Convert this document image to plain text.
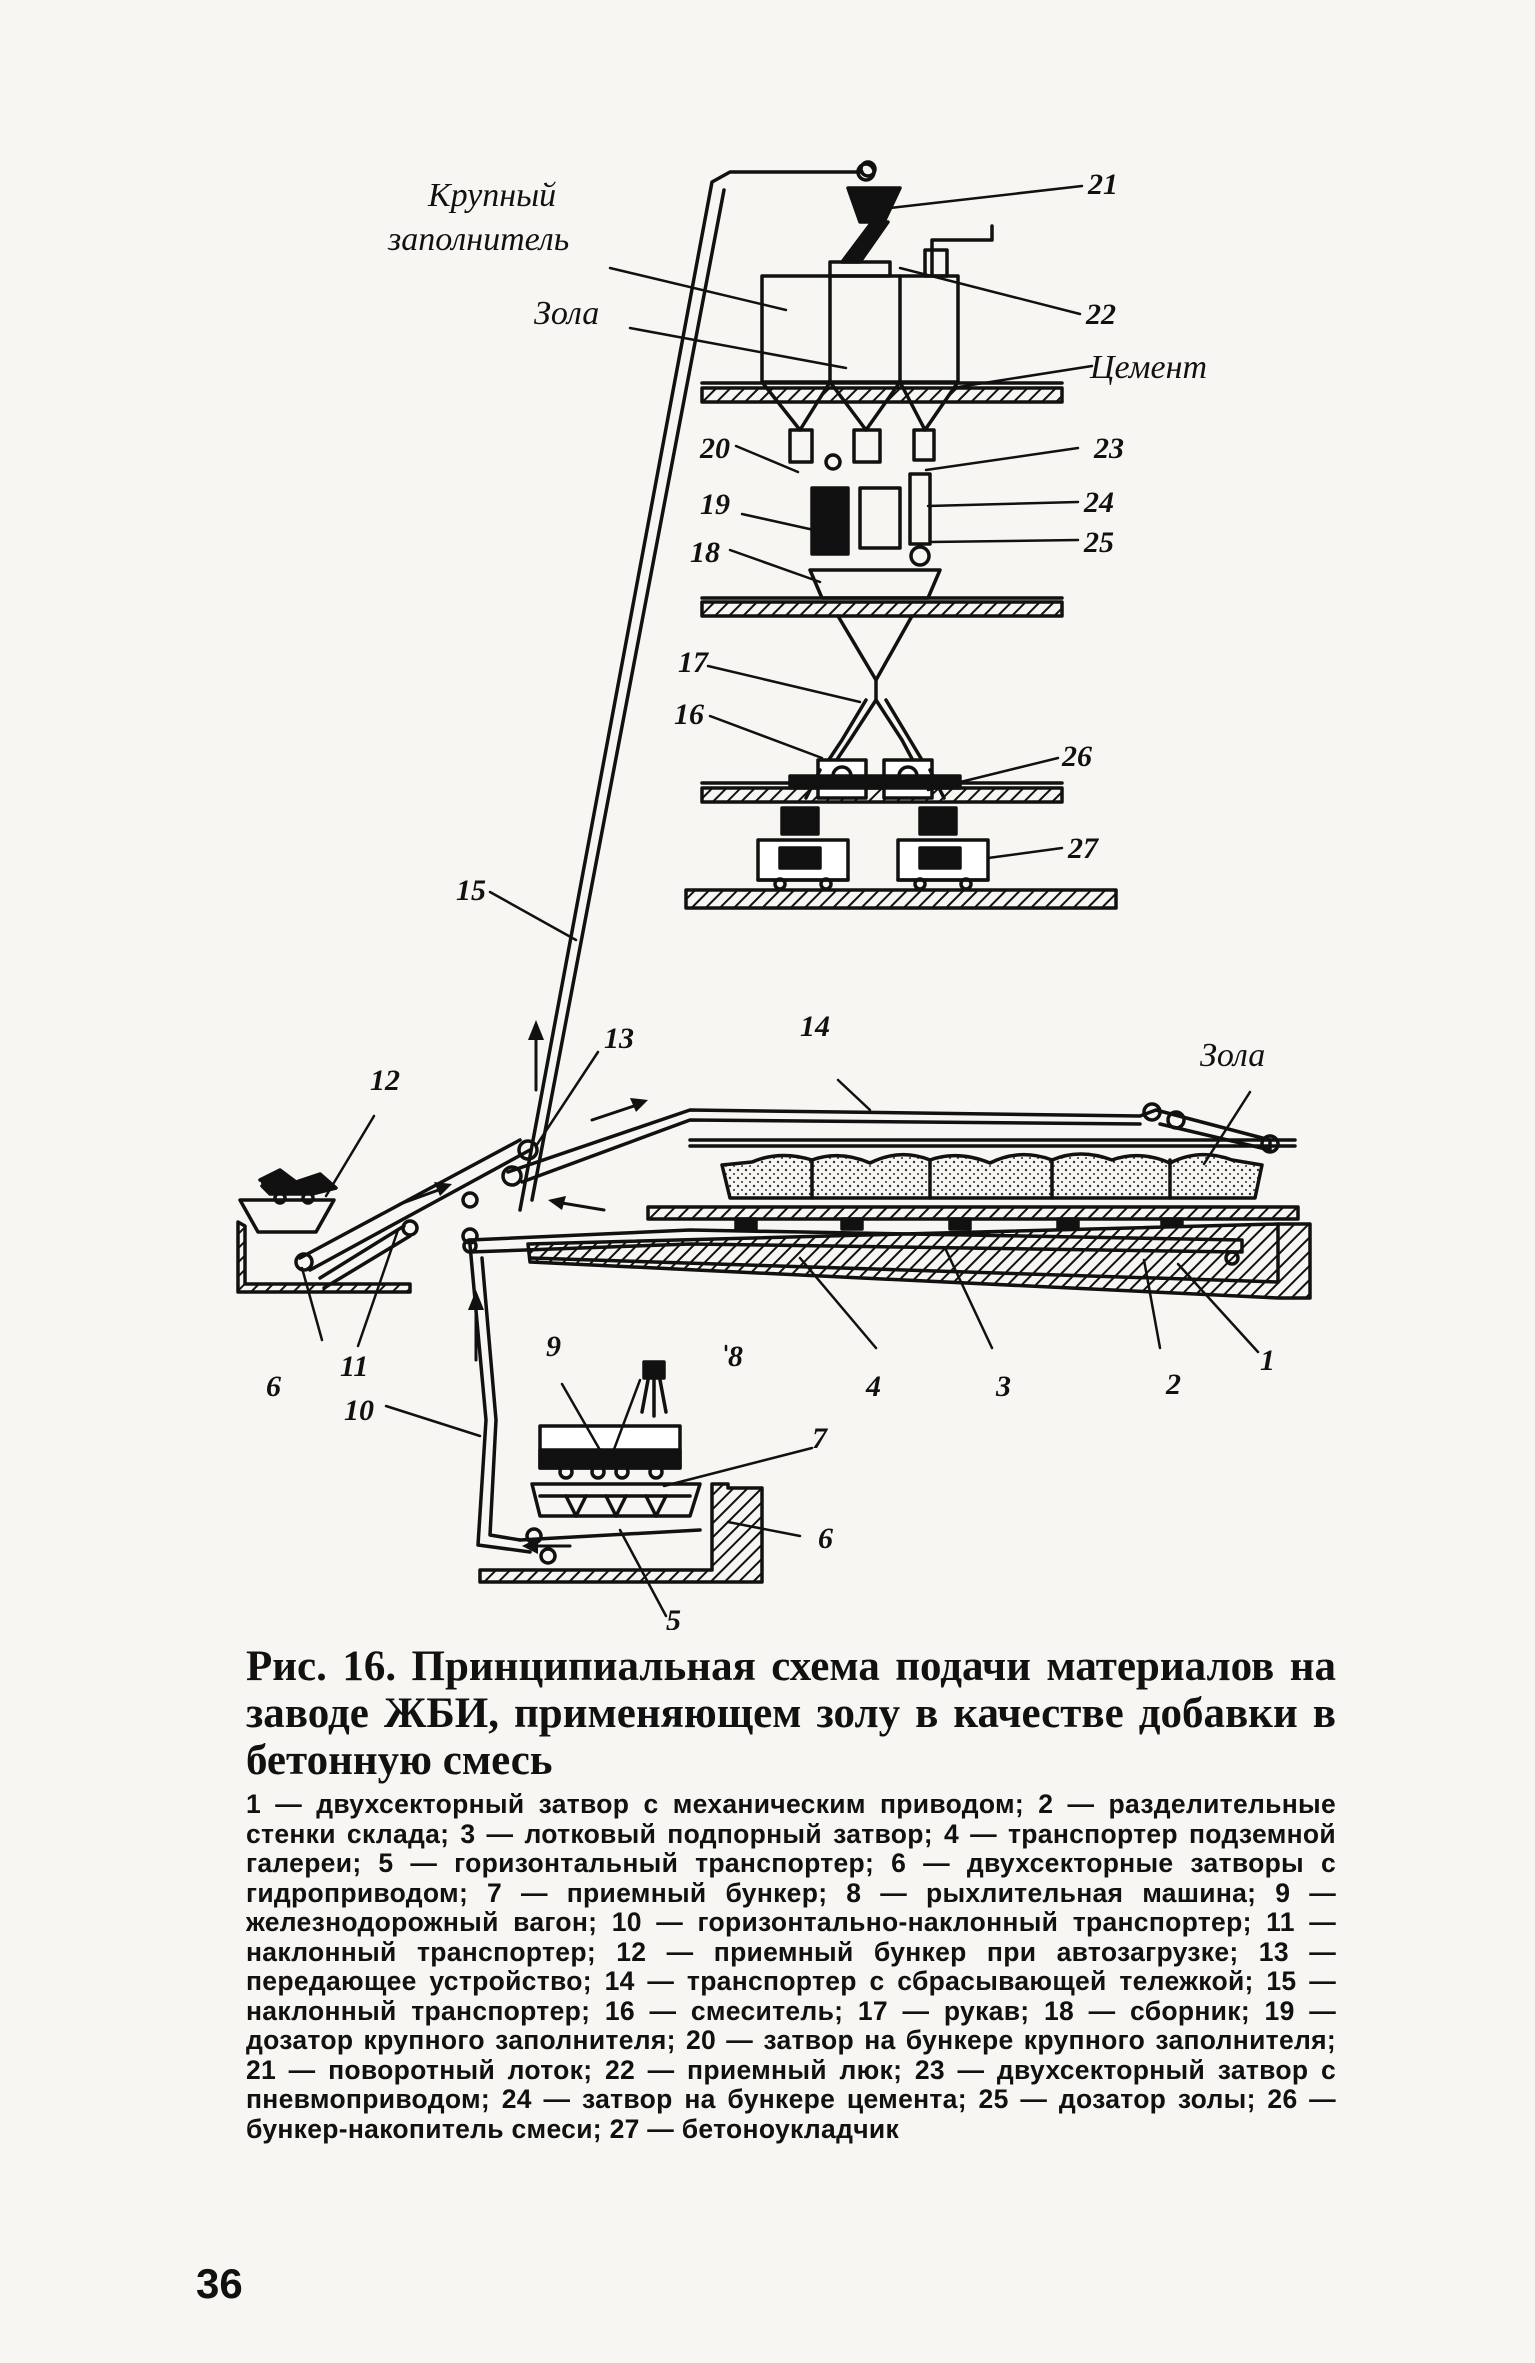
Крупный
заполнитель
Зола
Цемент
Зола
21
22
23
24
25
20
19
18
17
16
26
27
15
13	14
12
6
11
10
9	8
7
6
5
4	3	2
1
Рис. 16. Принципиальная схема подачи материалов на заводе ЖБИ, применяющем золу в качестве добавки в бетонную смесь
1 — двухсекторный затвор с механическим приводом; 2 — разделительные стенки склада; 3 — лотковый подпорный затвор; 4 — транспортер подземной галереи; 5 — горизонтальный транспортер; 6 — двухсекторные затворы с гидроприводом; 7 — приемный бункер; 8 — рыхлительная машина; 9 — железнодорожный вагон; 10 — горизонтально-наклонный транспортер; 11 — наклонный транспортер; 12 — приемный бункер при автозагрузке; 13 — передающее устройство; 14 — транспортер с сбрасывающей тележкой; 15 — наклонный транспортер; 16 — смеситель; 17 — рукав; 18 — сборник; 19 — дозатор крупного заполнителя; 20 — затвор на бункере крупного заполнителя; 21 — поворотный лоток; 22 — приемный люк; 23 — двухсекторный затвор с пневмоприводом; 24 — затвор на бункере цемента; 25 — дозатор золы; 26 — бункер-накопитель смеси; 27 — бетоноукладчик
36
